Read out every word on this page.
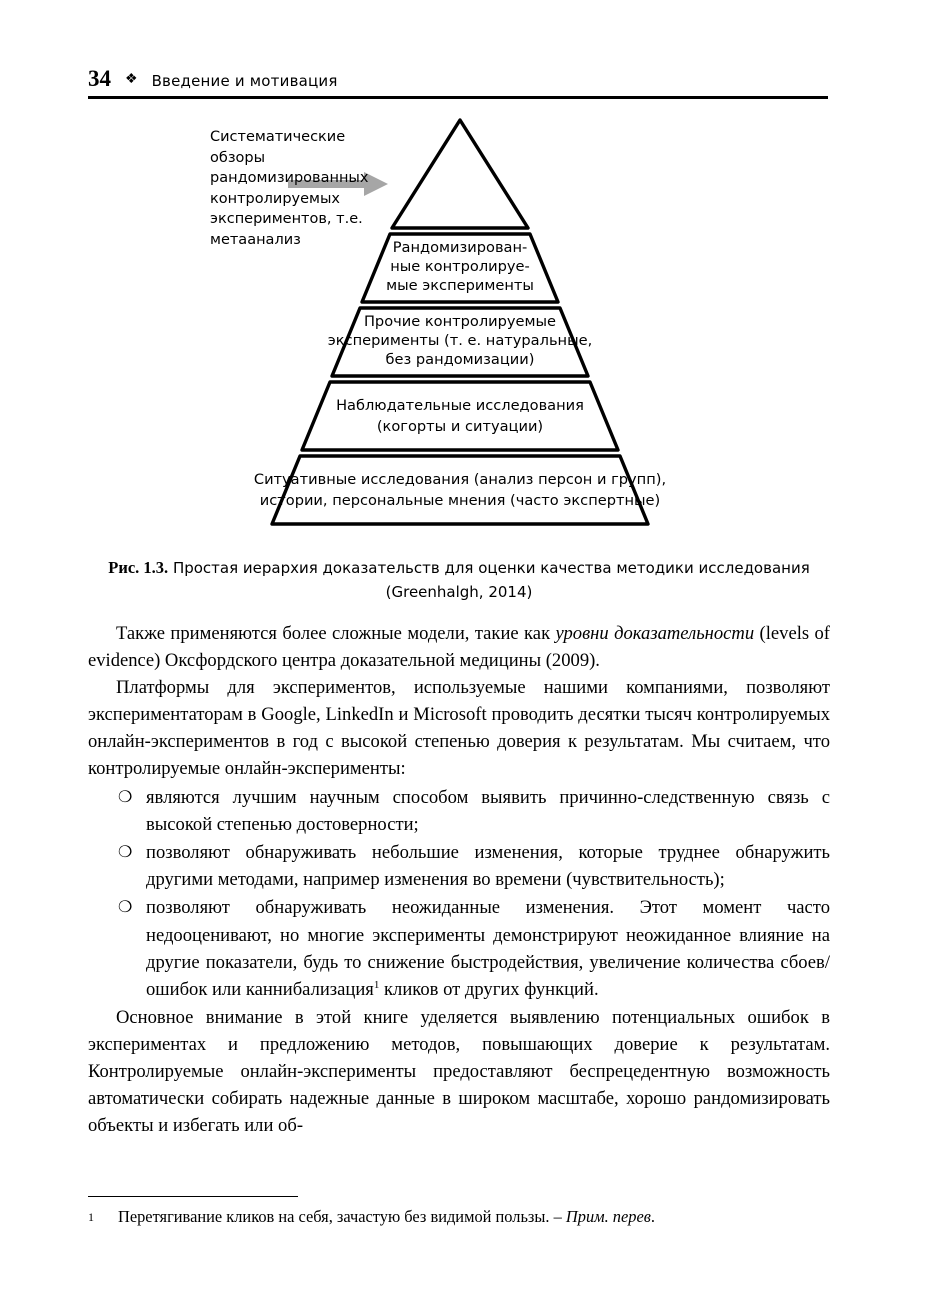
34 ❖ Введение и мотивация
Рандомизирован-
ные контролируе-
мые эксперименты
Прочие контролируемые
эксперименты (т. е. натуральные,
без рандомизации)
Наблюдательные исследования
(когорты и ситуации)
Ситуативные исследования (анализ персон и групп),
истории, персональные мнения (часто экспертные)
Систематические обзоры рандомизированных контролируемых экспериментов, т.е. метаанализ
Рис. 1.3. Простая иерархия доказательств для оценки качества методики исследования
(Greenhalgh, 2014)

Также применяются более сложные модели, такие как уровни доказательности (levels of evidence) Оксфордского центра доказательной медицины (2009).

Платформы для экспериментов, используемые нашими компаниями, позволяют экспериментаторам в Google, LinkedIn и Microsoft проводить десятки тысяч контролируемых онлайн-экспериментов в год с высокой степенью доверия к результатам. Мы считаем, что контролируемые онлайн-эксперименты:

❍ являются лучшим научным способом выявить причинно-следственную связь с высокой степенью достоверности;
❍ позволяют обнаруживать небольшие изменения, которые труднее обнаружить другими методами, например изменения во времени (чувствительность);
❍ позволяют обнаруживать неожиданные изменения. Этот момент часто недооценивают, но многие эксперименты демонстрируют неожиданное влияние на другие показатели, будь то снижение быстродействия, увеличение количества сбоев/ошибок или каннибализация$^1$ кликов от других функций.

Основное внимание в этой книге уделяется выявлению потенциальных ошибок в экспериментах и предложению методов, повышающих доверие к результатам. Контролируемые онлайн-эксперименты предоставляют беспрецедентную возможность автоматически собирать надежные данные в широком масштабе, хорошо рандомизировать объекты и избегать или об-

1	Перетягивание кликов на себя, зачастую без видимой пользы. – Прим. перев.
